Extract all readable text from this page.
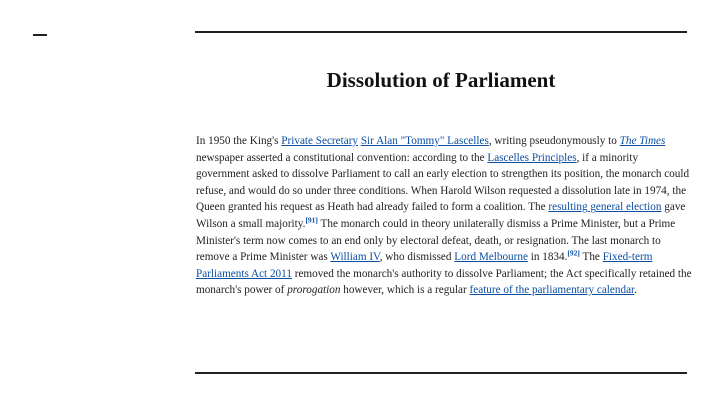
Dissolution of Parliament

In 1950 the King's Private Secretary Sir Alan "Tommy" Lascelles, writing pseudonymously to The Times newspaper asserted a constitutional convention: according to the Lascelles Principles, if a minority government asked to dissolve Parliament to call an early election to strengthen its position, the monarch could refuse, and would do so under three conditions. When Harold Wilson requested a dissolution late in 1974, the Queen granted his request as Heath had already failed to form a coalition. The resulting general election gave Wilson a small majority.[91] The monarch could in theory unilaterally dismiss a Prime Minister, but a Prime Minister's term now comes to an end only by electoral defeat, death, or resignation. The last monarch to remove a Prime Minister was William IV, who dismissed Lord Melbourne in 1834.[92] The Fixed-term Parliaments Act 2011 removed the monarch's authority to dissolve Parliament; the Act specifically retained the monarch's power of prorogation however, which is a regular feature of the parliamentary calendar.
